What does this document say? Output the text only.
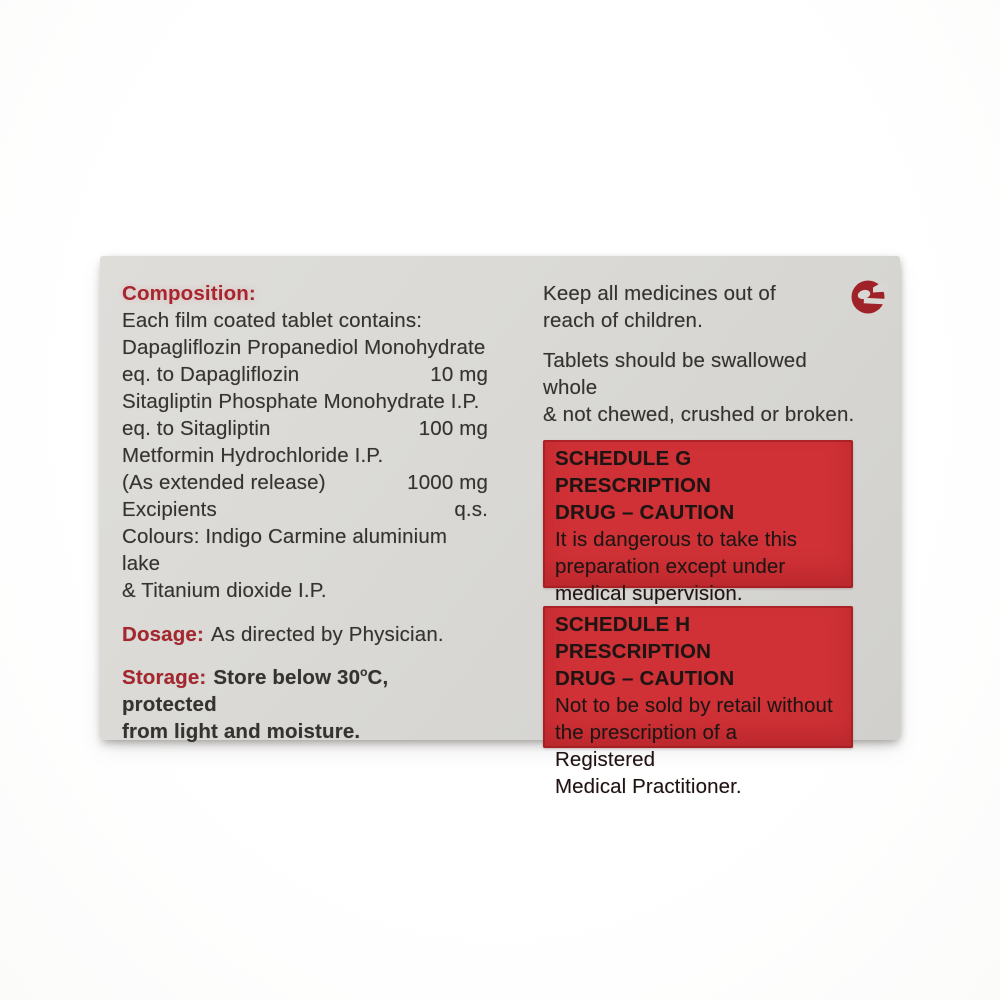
Composition:
Each film coated tablet contains:
Dapagliflozin Propanediol Monohydrate
eq. to Dapagliflozin	10 mg
Sitagliptin Phosphate Monohydrate I.P.
eq. to Sitagliptin	100 mg
Metformin Hydrochloride I.P.
(As extended release)	1000 mg
Excipients	q.s.
Colours: Indigo Carmine aluminium lake
& Titanium dioxide I.P.
Dosage: As directed by Physician.
Storage: Store below 30$^o$C, protected
from light and moisture.

Keep all medicines out of
reach of children.

Tablets should be swallowed whole
& not chewed, crushed or broken.

SCHEDULE G PRESCRIPTION
DRUG – CAUTION
It is dangerous to take this
preparation except under
medical supervision.
SCHEDULE H PRESCRIPTION
DRUG – CAUTION
Not to be sold by retail without
the prescription of a Registered
Medical Practitioner.
